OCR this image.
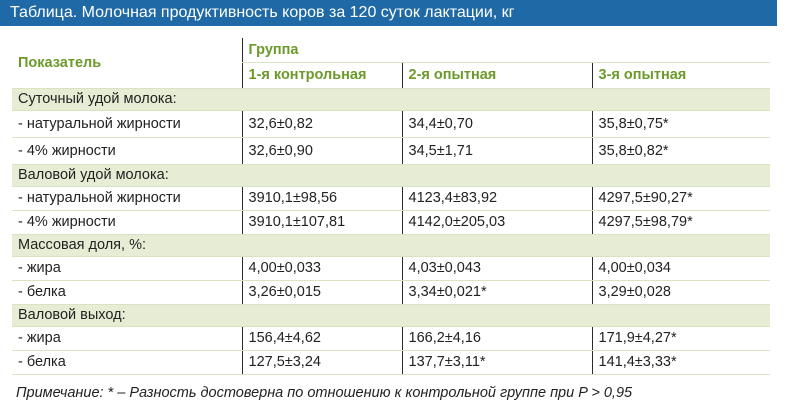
Таблица. Молочная продуктивность коров за 120 суток лактации, кг
Показатель	Группа		
	1-я контрольная	2-я опытная	3-я опытная
Суточный удой молока:			
- натуральной жирности	32,6±0,82	34,4±0,70	35,8±0,75*
- 4% жирности	32,6±0,90	34,5±1,71	35,8±0,82*
Валовой удой молока:			
- натуральной жирности	3910,1±98,56	4123,4±83,92	4297,5±90,27*
- 4% жирности	3910,1±107,81	4142,0±205,03	4297,5±98,79*
Массовая доля, %:			
- жира	4,00±0,033	4,03±0,043	4,00±0,034
- белка	3,26±0,015	3,34±0,021*	3,29±0,028
Валовой выход:			
- жира	156,4±4,62	166,2±4,16	171,9±4,27*
- белка	127,5±3,24	137,7±3,11*	141,4±3,33*
Примечание: * – Разность достоверна по отношению к контрольной группе при P > 0,95
